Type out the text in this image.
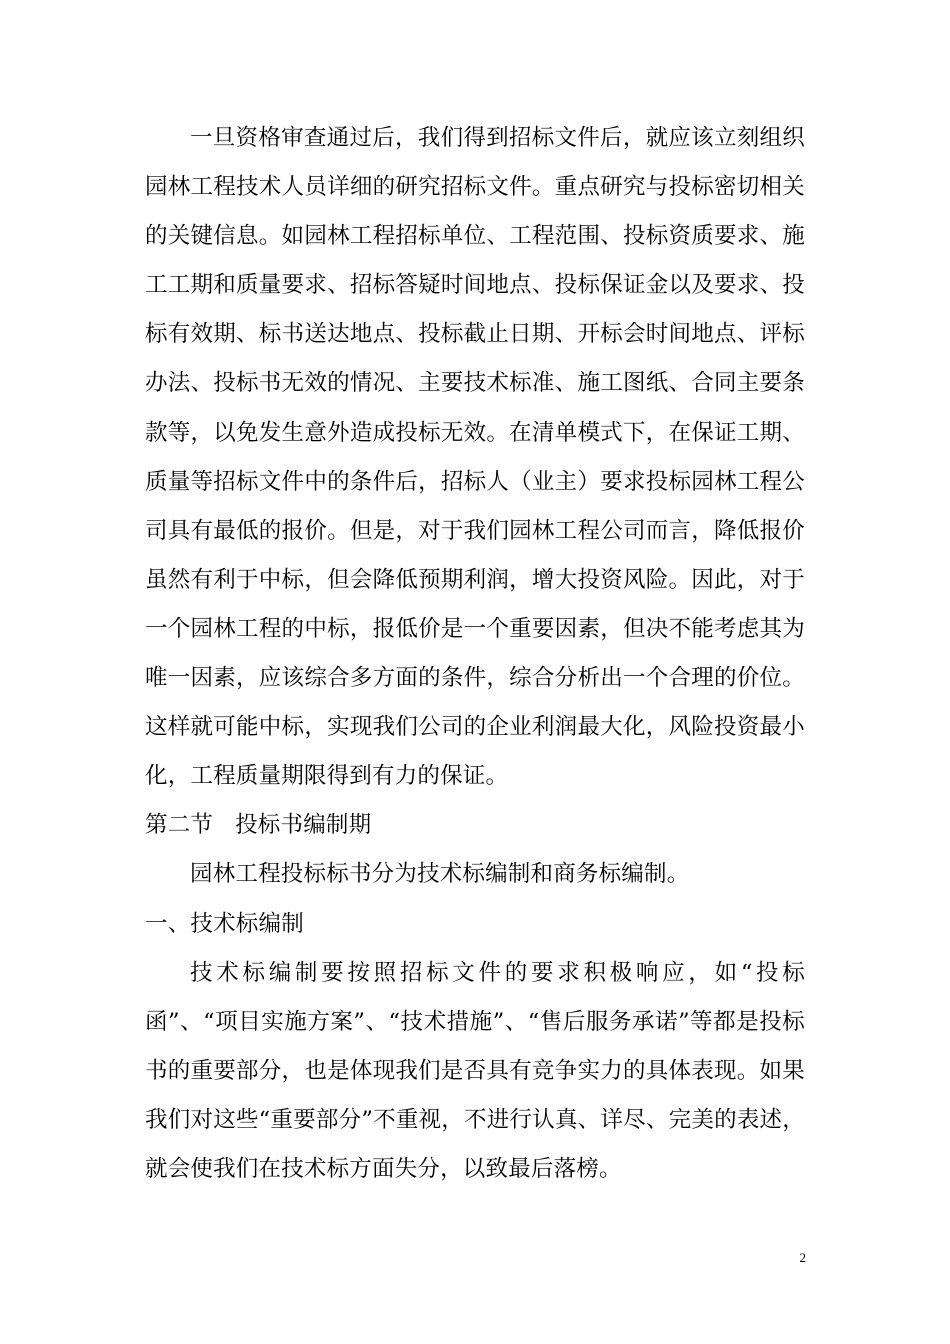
一旦资格审查通过后，我们得到招标文件后，就应该立刻组织园林工程技术人员详细的研究招标文件。重点研究与投标密切相关的关键信息。如园林工程招标单位、工程范围、投标资质要求、施工工期和质量要求、招标答疑时间地点、投标保证金以及要求、投标有效期、标书送达地点、投标截止日期、开标会时间地点、评标办法、投标书无效的情况、主要技术标准、施工图纸、合同主要条款等，以免发生意外造成投标无效。在清单模式下，在保证工期、质量等招标文件中的条件后，招标人（业主）要求投标园林工程公司具有最低的报价。但是，对于我们园林工程公司而言，降低报价虽然有利于中标，但会降低预期利润，增大投资风险。因此，对于一个园林工程的中标，报低价是一个重要因素，但决不能考虑其为唯一因素，应该综合多方面的条件，综合分析出一个合理的价位。这样就可能中标，实现我们公司的企业利润最大化，风险投资最小化，工程质量期限得到有力的保证。

第二节 投标书编制期

园林工程投标标书分为技术标编制和商务标编制。

一、技术标编制

技术标编制要按照招标文件的要求积极响应，如“投标函”、“项目实施方案”、“技术措施”、“售后服务承诺”等都是投标书的重要部分，也是体现我们是否具有竞争实力的具体表现。如果我们对这些“重要部分”不重视，不进行认真、详尽、完美的表述，就会使我们在技术标方面失分，以致最后落榜。

2
